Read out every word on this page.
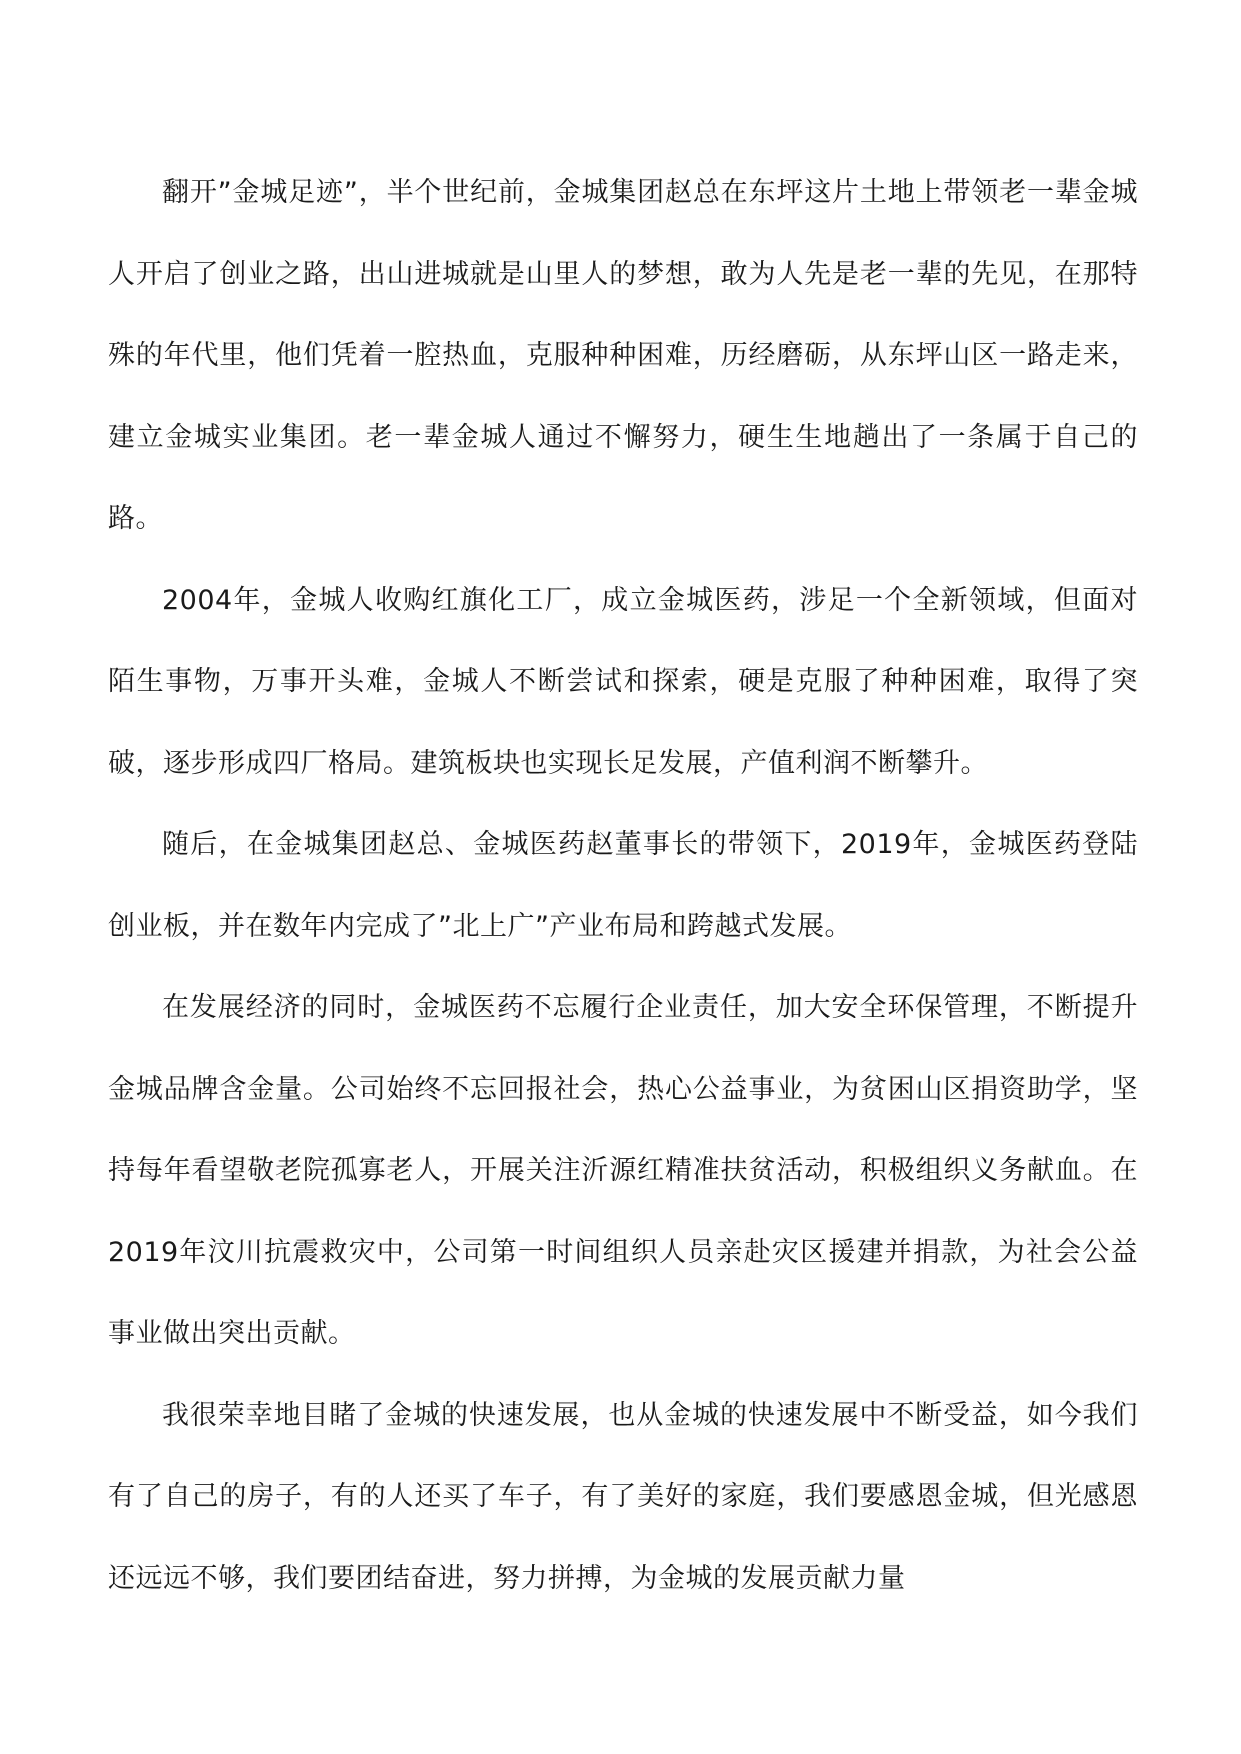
翻开”金城足迹”，半个世纪前，金城集团赵总在东坪这片土地上带领老一辈金城人开启了创业之路，出山进城就是山里人的梦想，敢为人先是老一辈的先见，在那特殊的年代里，他们凭着一腔热血，克服种种困难，历经磨砺，从东坪山区一路走来，建立金城实业集团。老一辈金城人通过不懈努力，硬生生地趟出了一条属于自己的路。

2004年，金城人收购红旗化工厂，成立金城医药，涉足一个全新领域，但面对陌生事物，万事开头难，金城人不断尝试和探索，硬是克服了种种困难，取得了突破，逐步形成四厂格局。建筑板块也实现长足发展，产值利润不断攀升。

随后，在金城集团赵总、金城医药赵董事长的带领下，2019年，金城医药登陆创业板，并在数年内完成了”北上广”产业布局和跨越式发展。

在发展经济的同时，金城医药不忘履行企业责任，加大安全环保管理，不断提升金城品牌含金量。公司始终不忘回报社会，热心公益事业，为贫困山区捐资助学，坚持每年看望敬老院孤寡老人，开展关注沂源红精准扶贫活动，积极组织义务献血。在2019年汶川抗震救灾中，公司第一时间组织人员亲赴灾区援建并捐款，为社会公益事业做出突出贡献。

我很荣幸地目睹了金城的快速发展，也从金城的快速发展中不断受益，如今我们有了自己的房子，有的人还买了车子，有了美好的家庭，我们要感恩金城，但光感恩还远远不够，我们要团结奋进，努力拼搏，为金城的发展贡献力量
